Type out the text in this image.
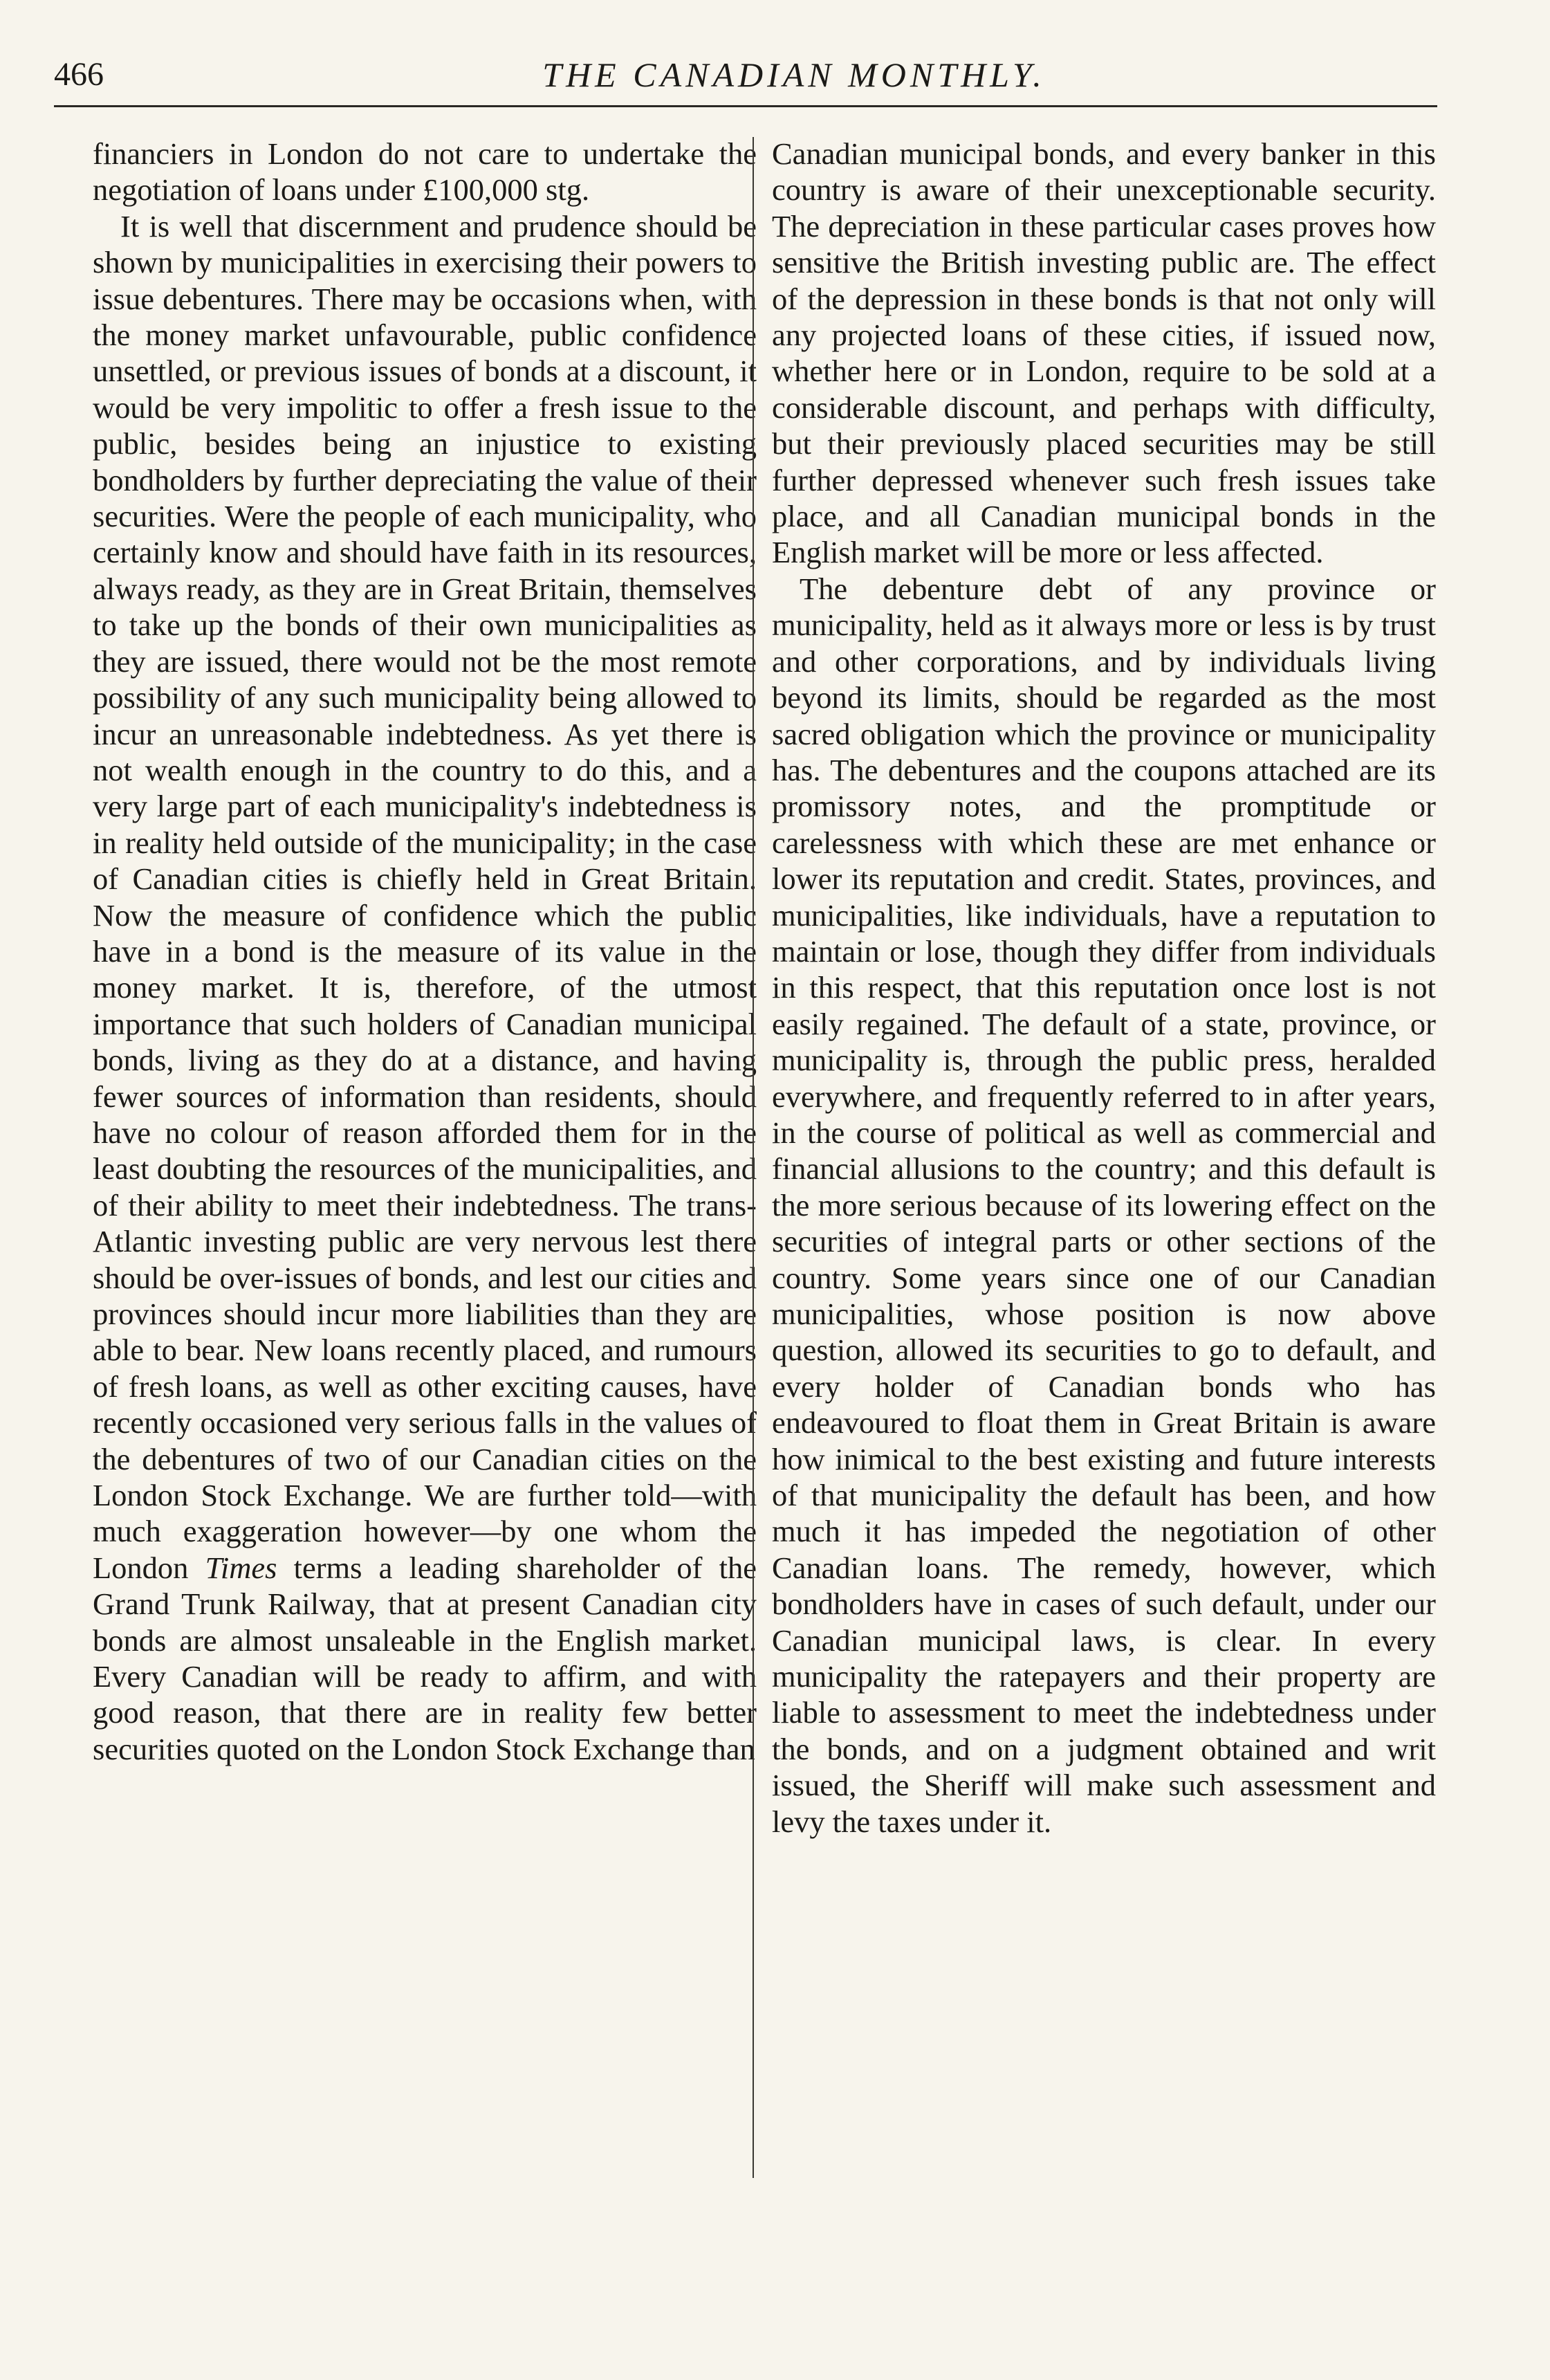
466	THE CANADIAN MONTHLY.

financiers in London do not care to undertake the negotiation of loans under £100,000 stg.

It is well that discernment and prudence should be shown by municipalities in exercising their powers to issue debentures. There may be occasions when, with the money market unfavourable, public confidence unsettled, or previous issues of bonds at a discount, it would be very impolitic to offer a fresh issue to the public, besides being an injustice to existing bondholders by further depreciating the value of their securities. Were the people of each municipality, who certainly know and should have faith in its resources, always ready, as they are in Great Britain, themselves to take up the bonds of their own municipalities as they are issued, there would not be the most remote possibility of any such municipality being allowed to incur an unreasonable indebtedness. As yet there is not wealth enough in the country to do this, and a very large part of each municipality's indebtedness is in reality held outside of the municipality; in the case of Canadian cities is chiefly held in Great Britain. Now the measure of confidence which the public have in a bond is the measure of its value in the money market. It is, therefore, of the utmost importance that such holders of Canadian municipal bonds, living as they do at a distance, and having fewer sources of information than residents, should have no colour of reason afforded them for in the least doubting the resources of the municipalities, and of their ability to meet their indebtedness. The trans-Atlantic investing public are very nervous lest there should be over-issues of bonds, and lest our cities and provinces should incur more liabilities than they are able to bear. New loans recently placed, and rumours of fresh loans, as well as other exciting causes, have recently occasioned very serious falls in the values of the debentures of two of our Canadian cities on the London Stock Exchange. We are further told—with much exaggeration however—by one whom the London Times terms a leading shareholder of the Grand Trunk Railway, that at present Canadian city bonds are almost unsaleable in the English market. Every Canadian will be ready to affirm, and with good reason, that there are in reality few better securities quoted on the London Stock Exchange than

Canadian municipal bonds, and every banker in this country is aware of their unexceptionable security. The depreciation in these particular cases proves how sensitive the British investing public are. The effect of the depression in these bonds is that not only will any projected loans of these cities, if issued now, whether here or in London, require to be sold at a considerable discount, and perhaps with difficulty, but their previously placed securities may be still further depressed whenever such fresh issues take place, and all Canadian municipal bonds in the English market will be more or less affected.

The debenture debt of any province or municipality, held as it always more or less is by trust and other corporations, and by individuals living beyond its limits, should be regarded as the most sacred obligation which the province or municipality has. The debentures and the coupons attached are its promissory notes, and the promptitude or carelessness with which these are met enhance or lower its reputation and credit. States, provinces, and municipalities, like individuals, have a reputation to maintain or lose, though they differ from individuals in this respect, that this reputation once lost is not easily regained. The default of a state, province, or municipality is, through the public press, heralded everywhere, and frequently referred to in after years, in the course of political as well as commercial and financial allusions to the country; and this default is the more serious because of its lowering effect on the securities of integral parts or other sections of the country. Some years since one of our Canadian municipalities, whose position is now above question, allowed its securities to go to default, and every holder of Canadian bonds who has endeavoured to float them in Great Britain is aware how inimical to the best existing and future interests of that municipality the default has been, and how much it has impeded the negotiation of other Canadian loans. The remedy, however, which bondholders have in cases of such default, under our Canadian municipal laws, is clear. In every municipality the ratepayers and their property are liable to assessment to meet the indebtedness under the bonds, and on a judgment obtained and writ issued, the Sheriff will make such assessment and levy the taxes under it.
